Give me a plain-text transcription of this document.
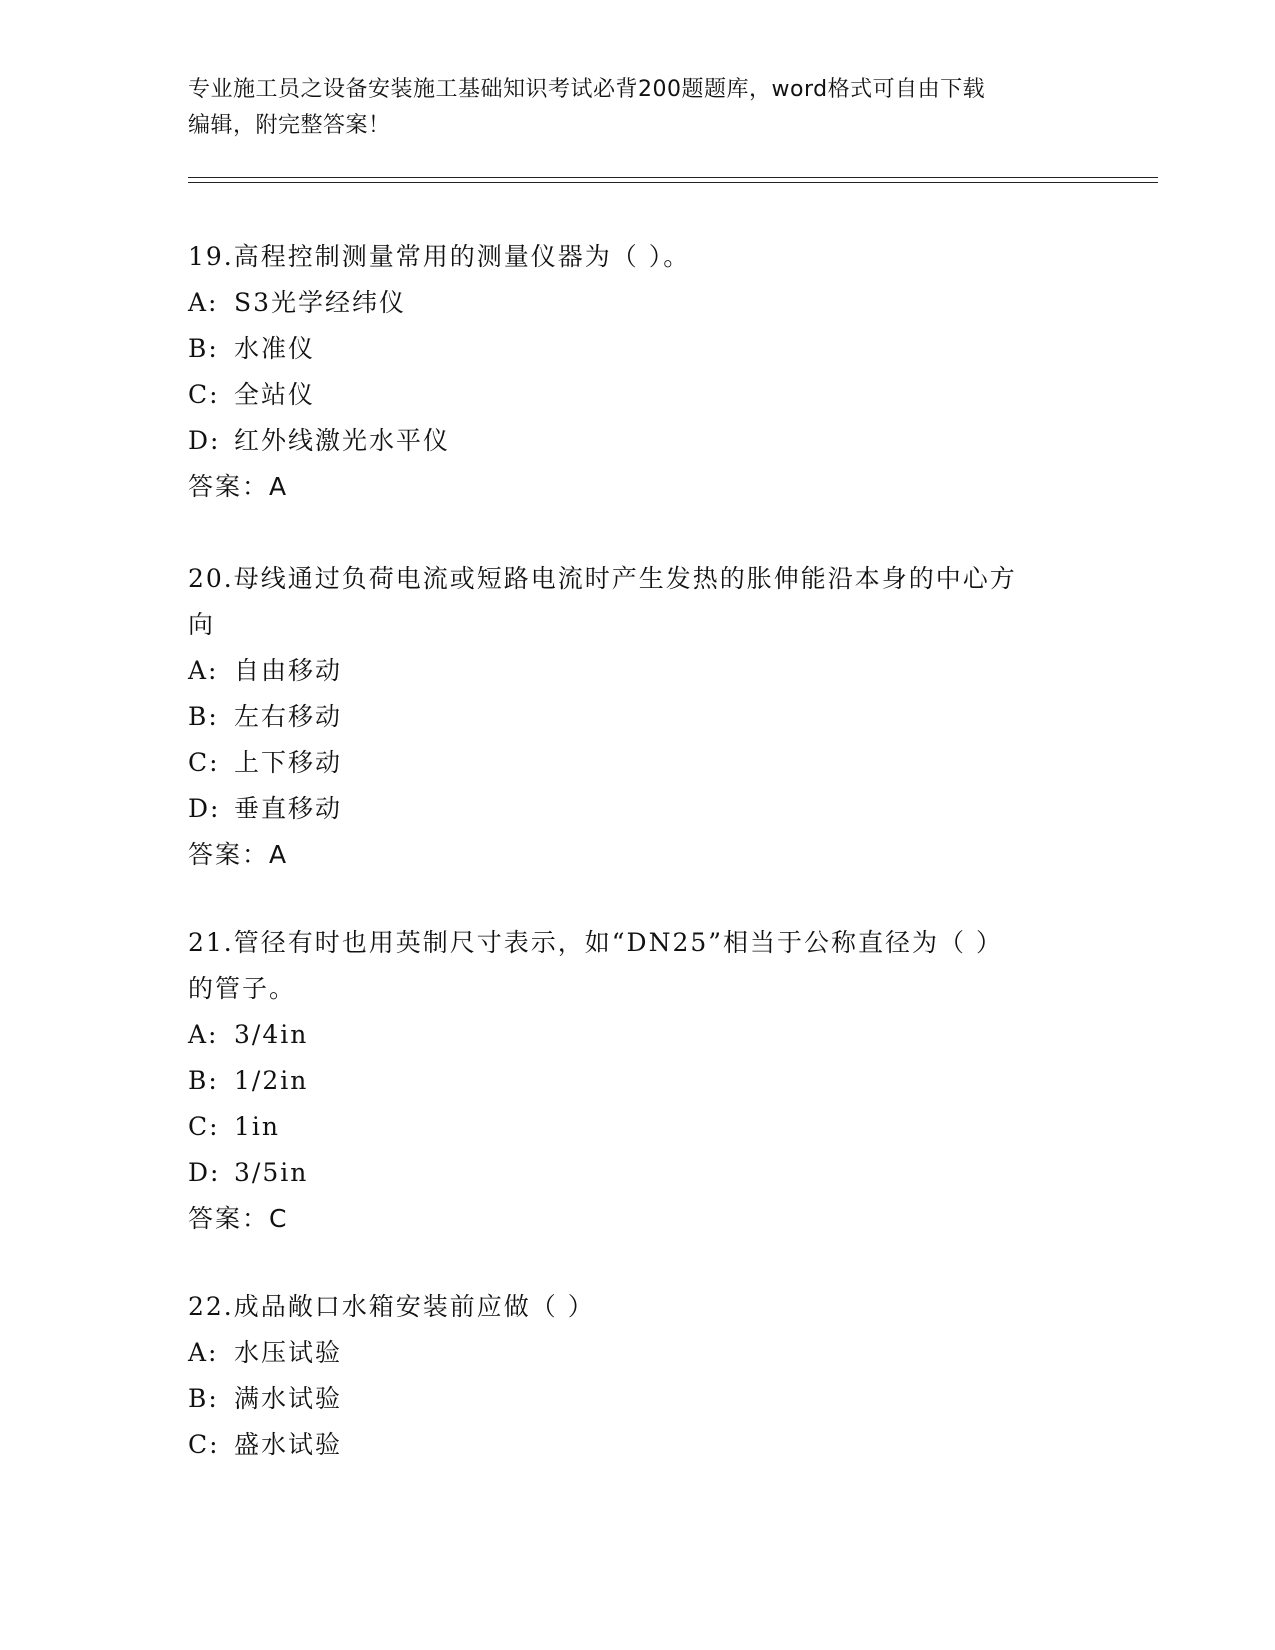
专业施工员之设备安装施工基础知识考试必背200题题库，word格式可自由下载
编辑，附完整答案！

19.高程控制测量常用的测量仪器为（ ）。

A: S3光学经纬仪

B: 水准仪

C: 全站仪

D: 红外线激光水平仪

答案：A

20.母线通过负荷电流或短路电流时产生发热的胀伸能沿本身的中心方

向

A: 自由移动

B: 左右移动

C: 上下移动

D: 垂直移动

答案：A

21.管径有时也用英制尺寸表示，如“DN25”相当于公称直径为（ ）

的管子。

A: 3/4in

B: 1/2in

C: 1in

D: 3/5in

答案：C

22.成品敞口水箱安装前应做（ ）

A: 水压试验

B: 满水试验

C: 盛水试验
